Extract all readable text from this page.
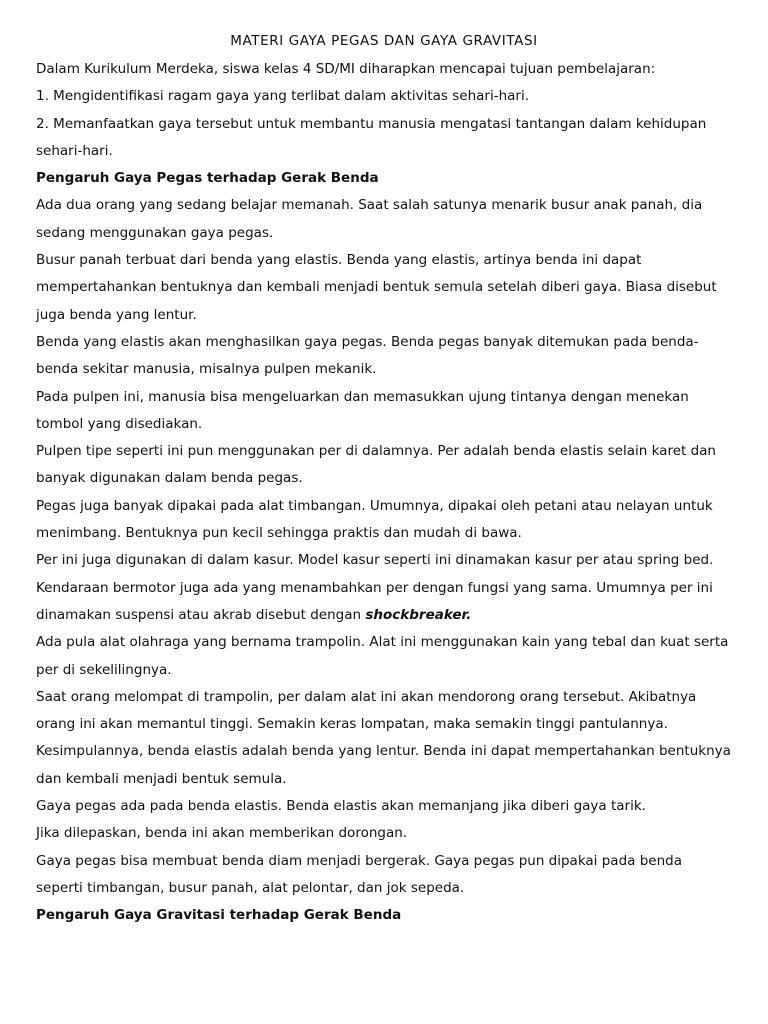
MATERI GAYA PEGAS DAN GAYA GRAVITASI

Dalam Kurikulum Merdeka, siswa kelas 4 SD/MI diharapkan mencapai tujuan pembelajaran:

1. Mengidentifikasi ragam gaya yang terlibat dalam aktivitas sehari-hari.

2. Memanfaatkan gaya tersebut untuk membantu manusia mengatasi tantangan dalam kehidupan sehari-hari.

Pengaruh Gaya Pegas terhadap Gerak Benda

Ada dua orang yang sedang belajar memanah. Saat salah satunya menarik busur anak panah, dia sedang menggunakan gaya pegas.

Busur panah terbuat dari benda yang elastis. Benda yang elastis, artinya benda ini dapat mempertahankan bentuknya dan kembali menjadi bentuk semula setelah diberi gaya. Biasa disebut juga benda yang lentur.

Benda yang elastis akan menghasilkan gaya pegas. Benda pegas banyak ditemukan pada benda-benda sekitar manusia, misalnya pulpen mekanik.

Pada pulpen ini, manusia bisa mengeluarkan dan memasukkan ujung tintanya dengan menekan tombol yang disediakan.

Pulpen tipe seperti ini pun menggunakan per di dalamnya. Per adalah benda elastis selain karet dan banyak digunakan dalam benda pegas.

Pegas juga banyak dipakai pada alat timbangan. Umumnya, dipakai oleh petani atau nelayan untuk menimbang. Bentuknya pun kecil sehingga praktis dan mudah di bawa.

Per ini juga digunakan di dalam kasur. Model kasur seperti ini dinamakan kasur per atau spring bed.

Kendaraan bermotor juga ada yang menambahkan per dengan fungsi yang sama. Umumnya per ini dinamakan suspensi atau akrab disebut dengan shockbreaker.

Ada pula alat olahraga yang bernama trampolin. Alat ini menggunakan kain yang tebal dan kuat serta per di sekelilingnya.

Saat orang melompat di trampolin, per dalam alat ini akan mendorong orang tersebut. Akibatnya orang ini akan memantul tinggi. Semakin keras lompatan, maka semakin tinggi pantulannya.

Kesimpulannya, benda elastis adalah benda yang lentur. Benda ini dapat mempertahankan bentuknya dan kembali menjadi bentuk semula.

Gaya pegas ada pada benda elastis. Benda elastis akan memanjang jika diberi gaya tarik.

Jika dilepaskan, benda ini akan memberikan dorongan.

Gaya pegas bisa membuat benda diam menjadi bergerak. Gaya pegas pun dipakai pada benda seperti timbangan, busur panah, alat pelontar, dan jok sepeda.

Pengaruh Gaya Gravitasi terhadap Gerak Benda
